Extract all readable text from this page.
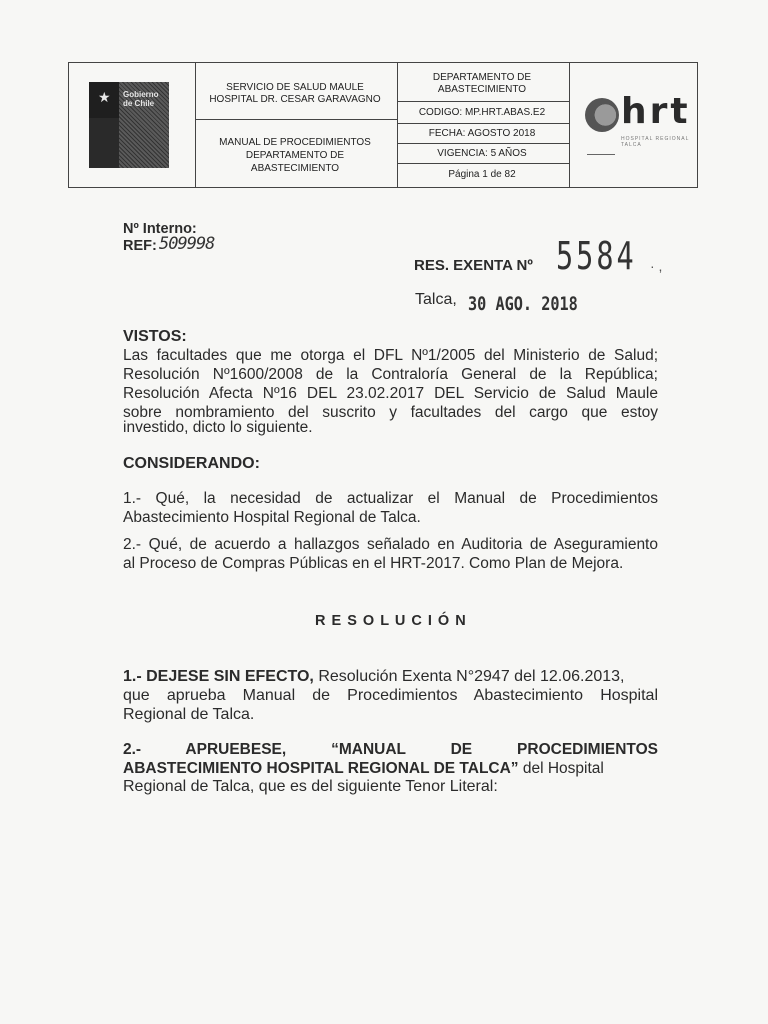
★ Gobierno
de Chile
SERVICIO DE SALUD MAULE
HOSPITAL DR. CESAR GARAVAGNO
MANUAL DE PROCEDIMIENTOS
DEPARTAMENTO DE
ABASTECIMIENTO
DEPARTAMENTO DE
ABASTECIMIENTO
CODIGO: MP.HRT.ABAS.E2
FECHA: AGOSTO 2018
VIGENCIA: 5 AÑOS
Página 1 de 82
hrt
HOSPITAL REGIONAL TALCA
Nº Interno:
REF: 509998
RES. EXENTA Nº 5584 · ,
Talca, 30 AGO. 2018
VISTOS:
Las facultades que me otorga el DFL Nº1/2005 del Ministerio de Salud;
Resolución Nº1600/2008 de la Contraloría General de la República;
Resolución Afecta Nº16 DEL 23.02.2017 DEL Servicio de Salud Maule
sobre nombramiento del suscrito y facultades del cargo que estoy
investido, dicto lo siguiente.
CONSIDERANDO:
1.- Qué, la necesidad de actualizar el Manual de Procedimientos
Abastecimiento Hospital Regional de Talca.
2.- Qué, de acuerdo a hallazgos señalado en Auditoria de Aseguramiento
al Proceso de Compras Públicas en el HRT-2017. Como Plan de Mejora.
R E S O L U C I Ó N
1.- DEJESE SIN EFECTO, Resolución Exenta N°2947 del 12.06.2013,
que aprueba Manual de Procedimientos Abastecimiento Hospital
Regional de Talca.
2.- APRUEBESE, “MANUAL DE PROCEDIMIENTOS
ABASTECIMIENTO HOSPITAL REGIONAL DE TALCA” del Hospital
Regional de Talca, que es del siguiente Tenor Literal:
